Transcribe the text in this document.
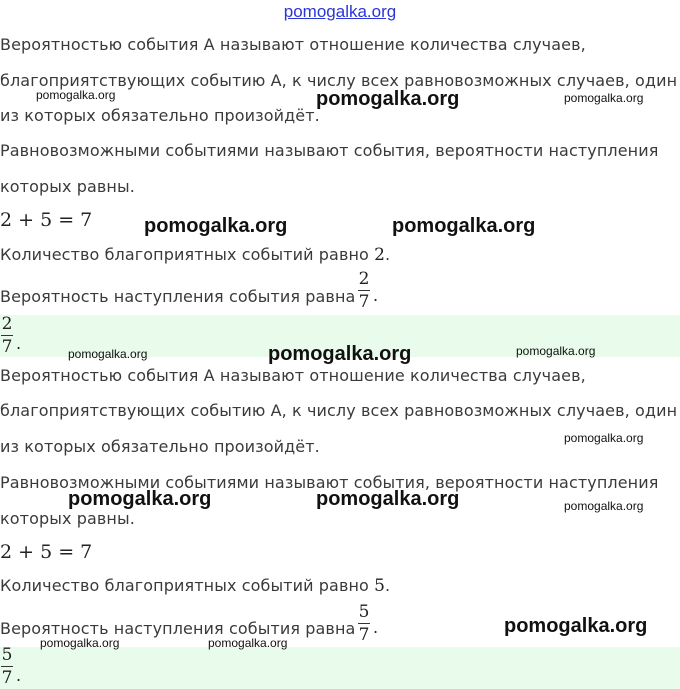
pomogalka.org
Вероятностью события А называют отношение количества случаев,
благоприятствующих событию А, к числу всех равновозможных случаев, один
из которых обязательно произойдёт.
Равновозможными событиями называют события, вероятности наступления
которых равны.
2 + 5 = 7
Количество благоприятных событий равно 2.
Вероятность наступления события равна
2
7 .
2
7 .
Вероятностью события А называют отношение количества случаев,
благоприятствующих событию А, к числу всех равновозможных случаев, один
из которых обязательно произойдёт.
Равновозможными событиями называют события, вероятности наступления
которых равны.
2 + 5 = 7
Количество благоприятных событий равно 5.
Вероятность наступления события равна
5
7 .
5
7 .
pomogalka.org	pomogalka.org	pomogalka.org
pomogalka.org	pomogalka.org
pomogalka.org	pomogalka.org	pomogalka.org
pomogalka.org
pomogalka.org	pomogalka.org	pomogalka.org
pomogalka.org
pomogalka.org	pomogalka.org
